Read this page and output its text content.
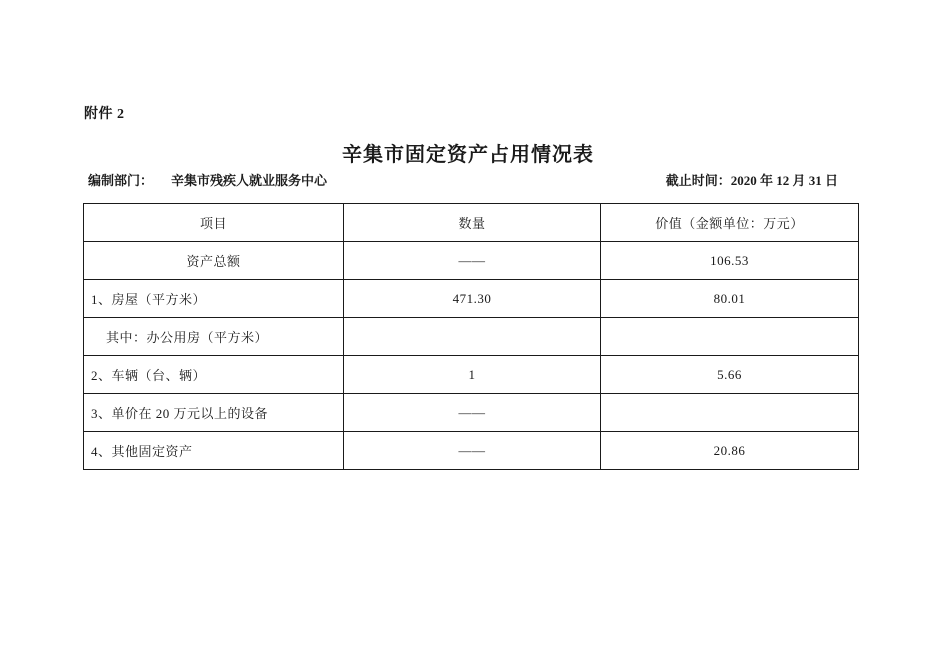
附件 2
辛集市固定资产占用情况表
编制部门： 辛集市残疾人就业服务中心	截止时间：2020 年 12 月 31 日
项目	数量	价值（金额单位：万元）
资产总额	——	106.53
1、房屋（平方米）	471.30	80.01
其中：办公用房（平方米）		
2、车辆（台、辆）	1	5.66
3、单价在 20 万元以上的设备	——	
4、其他固定资产	——	20.86
